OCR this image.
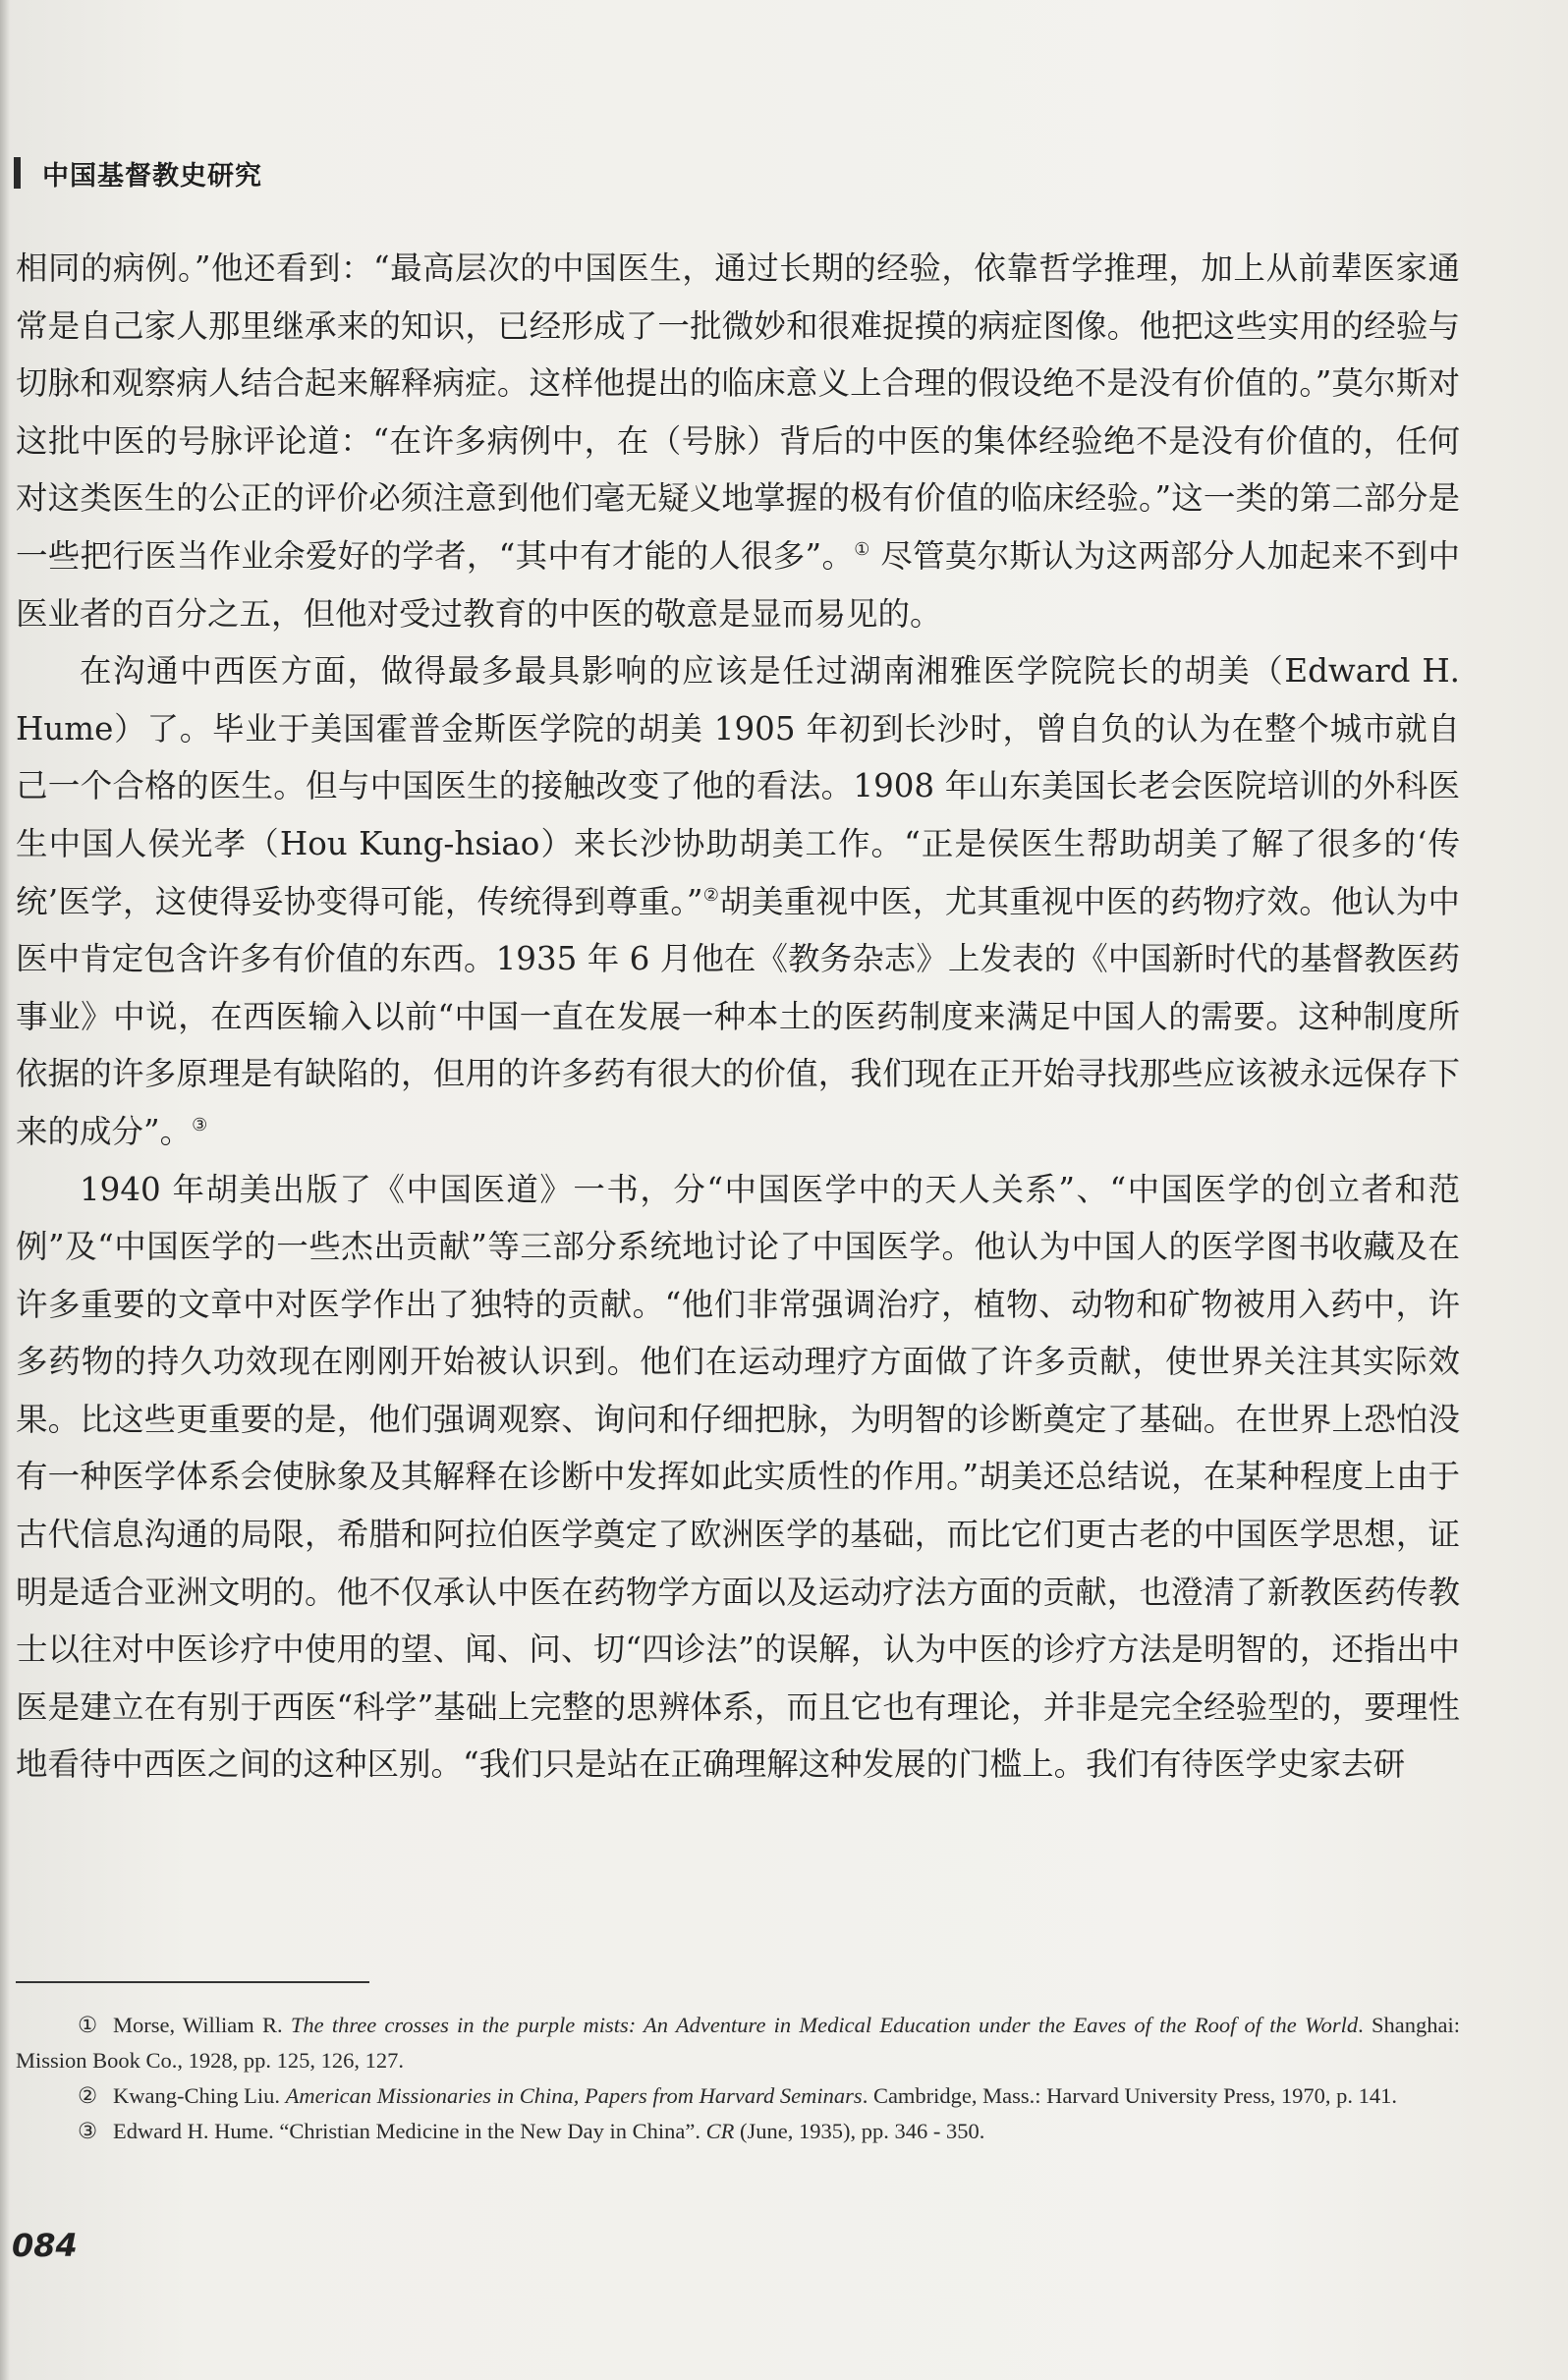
中国基督教史研究

相同的病例。”他还看到：“最高层次的中国医生，通过长期的经验，依靠哲学推理，加上从前辈医家通常是自己家人那里继承来的知识，已经形成了一批微妙和很难捉摸的病症图像。他把这些实用的经验与切脉和观察病人结合起来解释病症。这样他提出的临床意义上合理的假设绝不是没有价值的。”莫尔斯对这批中医的号脉评论道：“在许多病例中，在（号脉）背后的中医的集体经验绝不是没有价值的，任何对这类医生的公正的评价必须注意到他们毫无疑义地掌握的极有价值的临床经验。”这一类的第二部分是一些把行医当作业余爱好的学者，“其中有才能的人很多”。① 尽管莫尔斯认为这两部分人加起来不到中医业者的百分之五，但他对受过教育的中医的敬意是显而易见的。

在沟通中西医方面，做得最多最具影响的应该是任过湖南湘雅医学院院长的胡美（Edward H. Hume）了。毕业于美国霍普金斯医学院的胡美 1905 年初到长沙时，曾自负的认为在整个城市就自己一个合格的医生。但与中国医生的接触改变了他的看法。1908 年山东美国长老会医院培训的外科医生中国人侯光孝（Hou Kung-hsiao）来长沙协助胡美工作。“正是侯医生帮助胡美了解了很多的‘传统’医学，这使得妥协变得可能，传统得到尊重。”②胡美重视中医，尤其重视中医的药物疗效。他认为中医中肯定包含许多有价值的东西。1935 年 6 月他在《教务杂志》上发表的《中国新时代的基督教医药事业》中说，在西医输入以前“中国一直在发展一种本土的医药制度来满足中国人的需要。这种制度所依据的许多原理是有缺陷的，但用的许多药有很大的价值，我们现在正开始寻找那些应该被永远保存下来的成分”。③

1940 年胡美出版了《中国医道》一书，分“中国医学中的天人关系”、“中国医学的创立者和范例”及“中国医学的一些杰出贡献”等三部分系统地讨论了中国医学。他认为中国人的医学图书收藏及在许多重要的文章中对医学作出了独特的贡献。“他们非常强调治疗，植物、动物和矿物被用入药中，许多药物的持久功效现在刚刚开始被认识到。他们在运动理疗方面做了许多贡献，使世界关注其实际效果。比这些更重要的是，他们强调观察、询问和仔细把脉，为明智的诊断奠定了基础。在世界上恐怕没有一种医学体系会使脉象及其解释在诊断中发挥如此实质性的作用。”胡美还总结说，在某种程度上由于古代信息沟通的局限，希腊和阿拉伯医学奠定了欧洲医学的基础，而比它们更古老的中国医学思想，证明是适合亚洲文明的。他不仅承认中医在药物学方面以及运动疗法方面的贡献，也澄清了新教医药传教士以往对中医诊疗中使用的望、闻、问、切“四诊法”的误解，认为中医的诊疗方法是明智的，还指出中医是建立在有别于西医“科学”基础上完整的思辨体系，而且它也有理论，并非是完全经验型的，要理性地看待中西医之间的这种区别。“我们只是站在正确理解这种发展的门槛上。我们有待医学史家去研

① Morse, William R. The three crosses in the purple mists: An Adventure in Medical Education under the Eaves of the Roof of the World. Shanghai: Mission Book Co., 1928, pp. 125, 126, 127.

② Kwang-Ching Liu. American Missionaries in China, Papers from Harvard Seminars. Cambridge, Mass.: Harvard University Press, 1970, p. 141.

③ Edward H. Hume. “Christian Medicine in the New Day in China”. CR (June, 1935), pp. 346 - 350.

084
